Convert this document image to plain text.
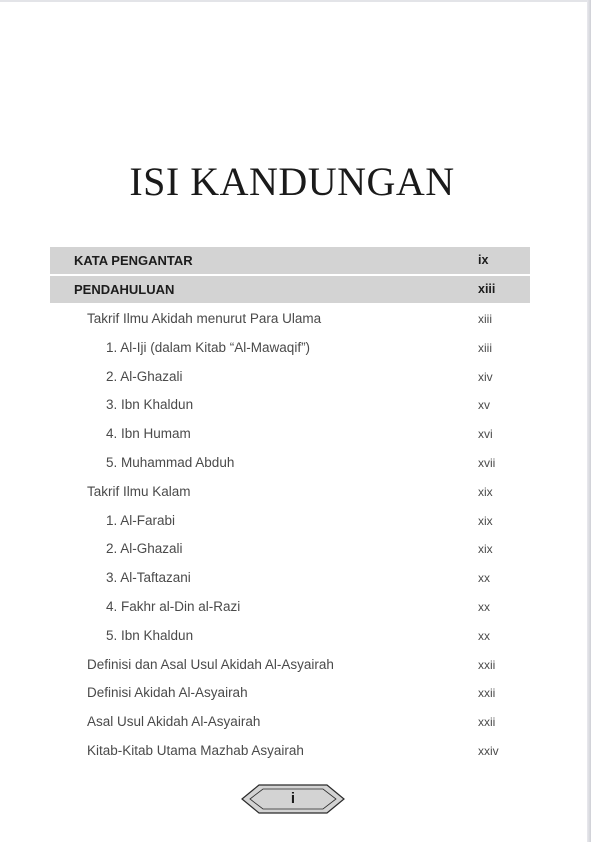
ISI KANDUNGAN
KATA PENGANTAR	ix
PENDAHULUAN	xiii
Takrif Ilmu Akidah menurut Para Ulama	xiii
1. Al-Iji (dalam Kitab “Al-Mawaqif”)	xiii
2. Al-Ghazali	xiv
3. Ibn Khaldun	xv
4. Ibn Humam	xvi
5. Muhammad Abduh	xvii
Takrif Ilmu Kalam	xix
1. Al-Farabi	xix
2. Al-Ghazali	xix
3. Al-Taftazani	xx
4. Fakhr al-Din al-Razi	xx
5. Ibn Khaldun	xx
Definisi dan Asal Usul Akidah Al-Asyairah	xxii
Definisi Akidah Al-Asyairah	xxii
Asal Usul Akidah Al-Asyairah	xxii
Kitab-Kitab Utama Mazhab Asyairah	xxiv
i
